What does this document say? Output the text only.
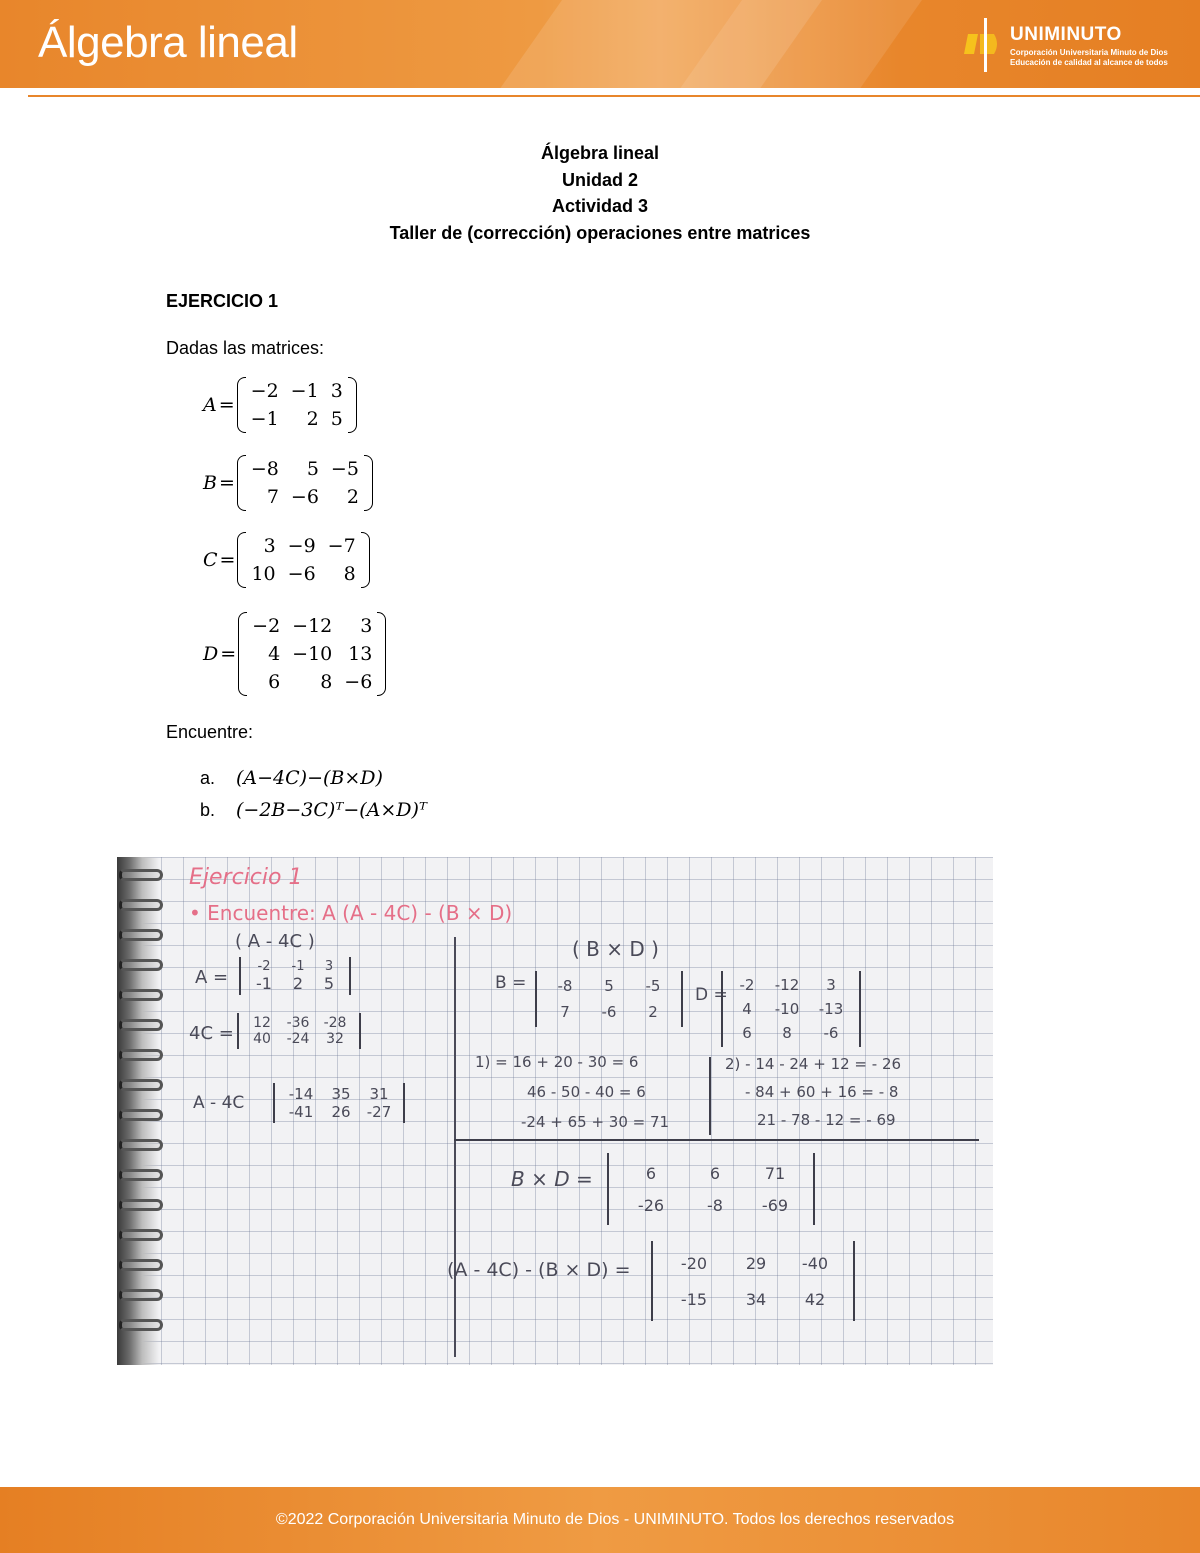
Álgebra lineal	UNIMINUTO
Corporación Universitaria Minuto de Dios
Educación de calidad al alcance de todos
Álgebra lineal
Unidad 2
Actividad 3
Taller de (corrección) operaciones entre matrices
EJERCICIO 1
Dadas las matrices:
A =
−2	−1	3
−1	2	5
B =
−8	5	−5
7	−6	2
C =
3	−9	−7
10	−6	8
D =
−2	−12	3
4	−10	13
6	8	−6
Encuentre:
a.	(A−4C)−(B×D)
b.	(−2B−3C)ᵀ−(A×D)ᵀ
Ejercicio 1
• Encuentre: A (A - 4C) - (B × D)
( A - 4C )
A =
-2	-1	3
-1	2	5
4C = 12	-36	-28
40	-24	32
A - 4C	-14	35	31
-41	26	-27
( B × D )
B = -8	5	-5
7	-6	2
D = -2	-12	3
4	-10	-13
6	8	-6
1) = 16 + 20 - 30 = 6
46 - 50 - 40 = 6
-24 + 65 + 30 = 71
2) - 14 - 24 + 12 = - 26
- 84 + 60 + 16 = - 8
21 - 78 - 12 = - 69
B × D =	6	6	71
-26	-8	-69
(A - 4C) - (B × D) =	-20	29	-40
-15	34	42
©2022 Corporación Universitaria Minuto de Dios - UNIMINUTO. Todos los derechos reservados
